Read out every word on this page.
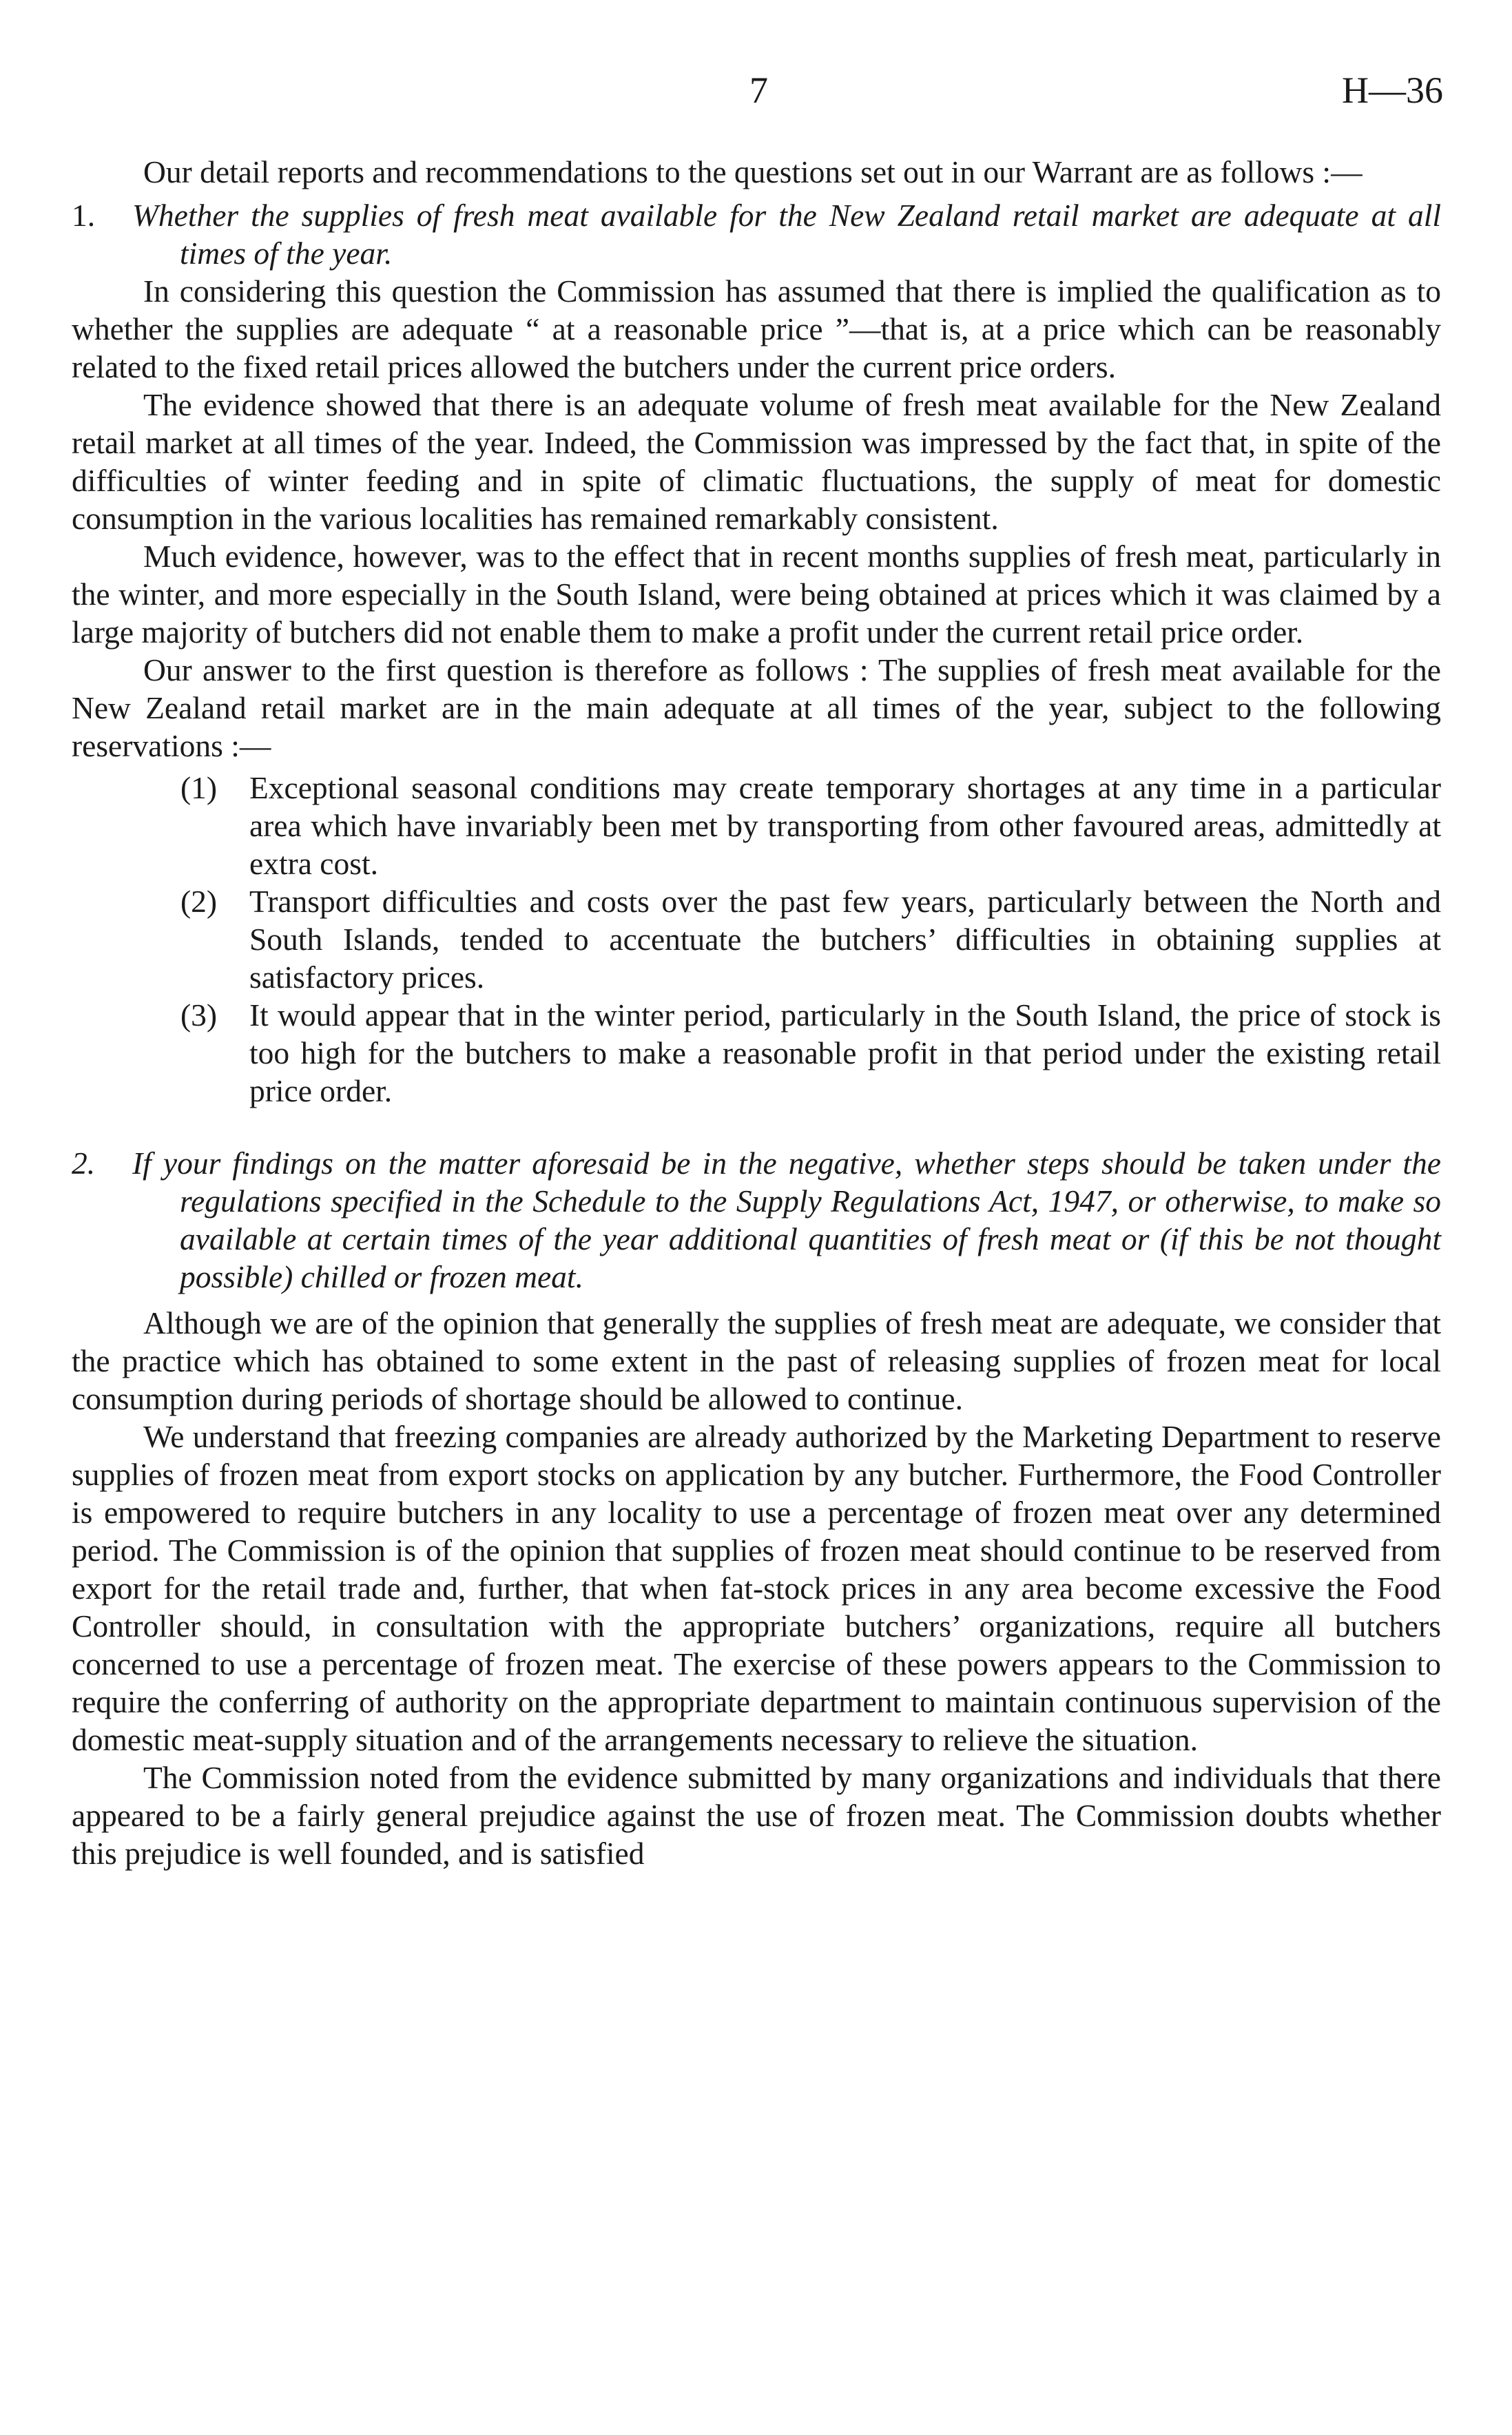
7	H—36

Our detail reports and recommendations to the questions set out in our Warrant are as follows :—

1. Whether the supplies of fresh meat available for the New Zealand retail market are adequate at all times of the year.

In considering this question the Commission has assumed that there is implied the qualification as to whether the supplies are adequate “ at a reasonable price ”—that is, at a price which can be reasonably related to the fixed retail prices allowed the butchers under the current price orders.

The evidence showed that there is an adequate volume of fresh meat available for the New Zealand retail market at all times of the year. Indeed, the Commission was impressed by the fact that, in spite of the difficulties of winter feeding and in spite of climatic fluctuations, the supply of meat for domestic consumption in the various localities has remained remarkably consistent.

Much evidence, however, was to the effect that in recent months supplies of fresh meat, particularly in the winter, and more especially in the South Island, were being obtained at prices which it was claimed by a large majority of butchers did not enable them to make a profit under the current retail price order.

Our answer to the first question is therefore as follows : The supplies of fresh meat available for the New Zealand retail market are in the main adequate at all times of the year, subject to the following reservations :—

(1) Exceptional seasonal conditions may create temporary shortages at any time in a particular area which have invariably been met by transporting from other favoured areas, admittedly at extra cost.

(2) Transport difficulties and costs over the past few years, particularly between the North and South Islands, tended to accentuate the butchers’ difficulties in obtaining supplies at satisfactory prices.

(3) It would appear that in the winter period, particularly in the South Island, the price of stock is too high for the butchers to make a reasonable profit in that period under the existing retail price order.

2. If your findings on the matter aforesaid be in the negative, whether steps should be taken under the regulations specified in the Schedule to the Supply Regulations Act, 1947, or otherwise, to make so available at certain times of the year additional quantities of fresh meat or (if this be not thought possible) chilled or frozen meat.

Although we are of the opinion that generally the supplies of fresh meat are adequate, we consider that the practice which has obtained to some extent in the past of releasing supplies of frozen meat for local consumption during periods of shortage should be allowed to continue.

We understand that freezing companies are already authorized by the Marketing Department to reserve supplies of frozen meat from export stocks on application by any butcher. Furthermore, the Food Controller is empowered to require butchers in any locality to use a percentage of frozen meat over any determined period. The Commission is of the opinion that supplies of frozen meat should continue to be reserved from export for the retail trade and, further, that when fat-stock prices in any area become excessive the Food Controller should, in consultation with the appropriate butchers’ organizations, require all butchers concerned to use a percentage of frozen meat. The exercise of these powers appears to the Commission to require the conferring of authority on the appropriate department to maintain continuous supervision of the domestic meat-supply situation and of the arrangements necessary to relieve the situation.

The Commission noted from the evidence submitted by many organizations and individuals that there appeared to be a fairly general prejudice against the use of frozen meat. The Commission doubts whether this prejudice is well founded, and is satisfied
